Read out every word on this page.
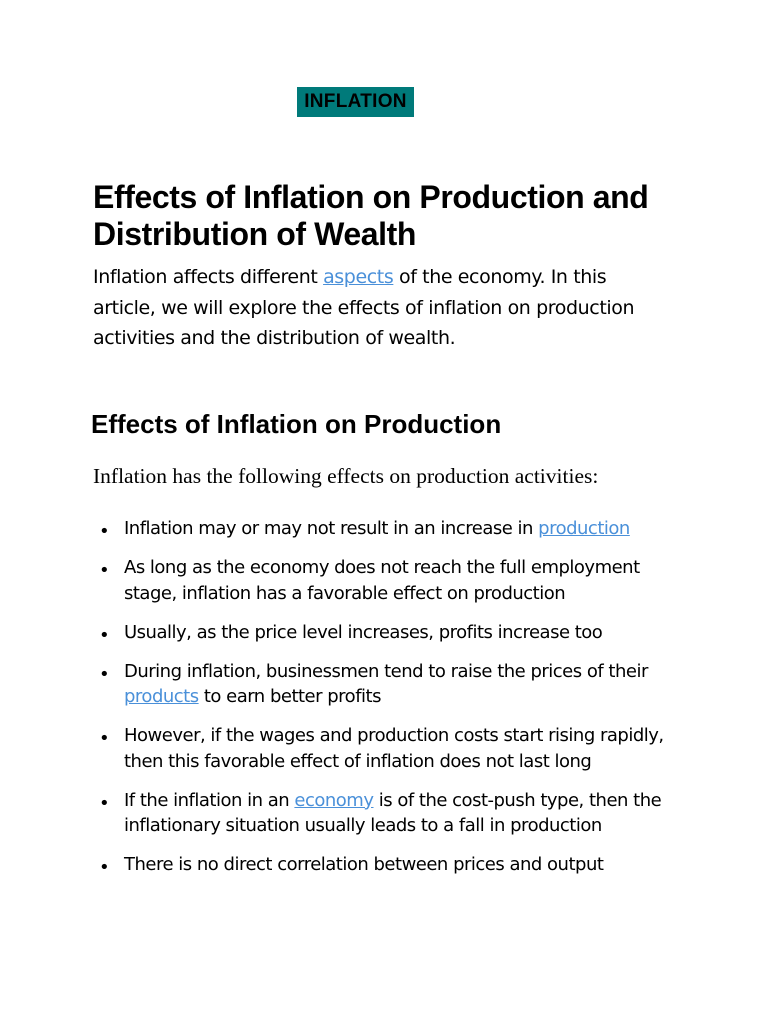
INFLATION
Effects of Inflation on Production and Distribution of Wealth

Inflation affects different aspects of the economy. In this article, we will explore the effects of inflation on production activities and the distribution of wealth.

Effects of Inflation on Production

Inflation has the following effects on production activities:

• Inflation may or may not result in an increase in production
• As long as the economy does not reach the full employment stage, inflation has a favorable effect on production
• Usually, as the price level increases, profits increase too
• During inflation, businessmen tend to raise the prices of their products to earn better profits
• However, if the wages and production costs start rising rapidly, then this favorable effect of inflation does not last long
• If the inflation in an economy is of the cost-push type, then the inflationary situation usually leads to a fall in production
• There is no direct correlation between prices and output
